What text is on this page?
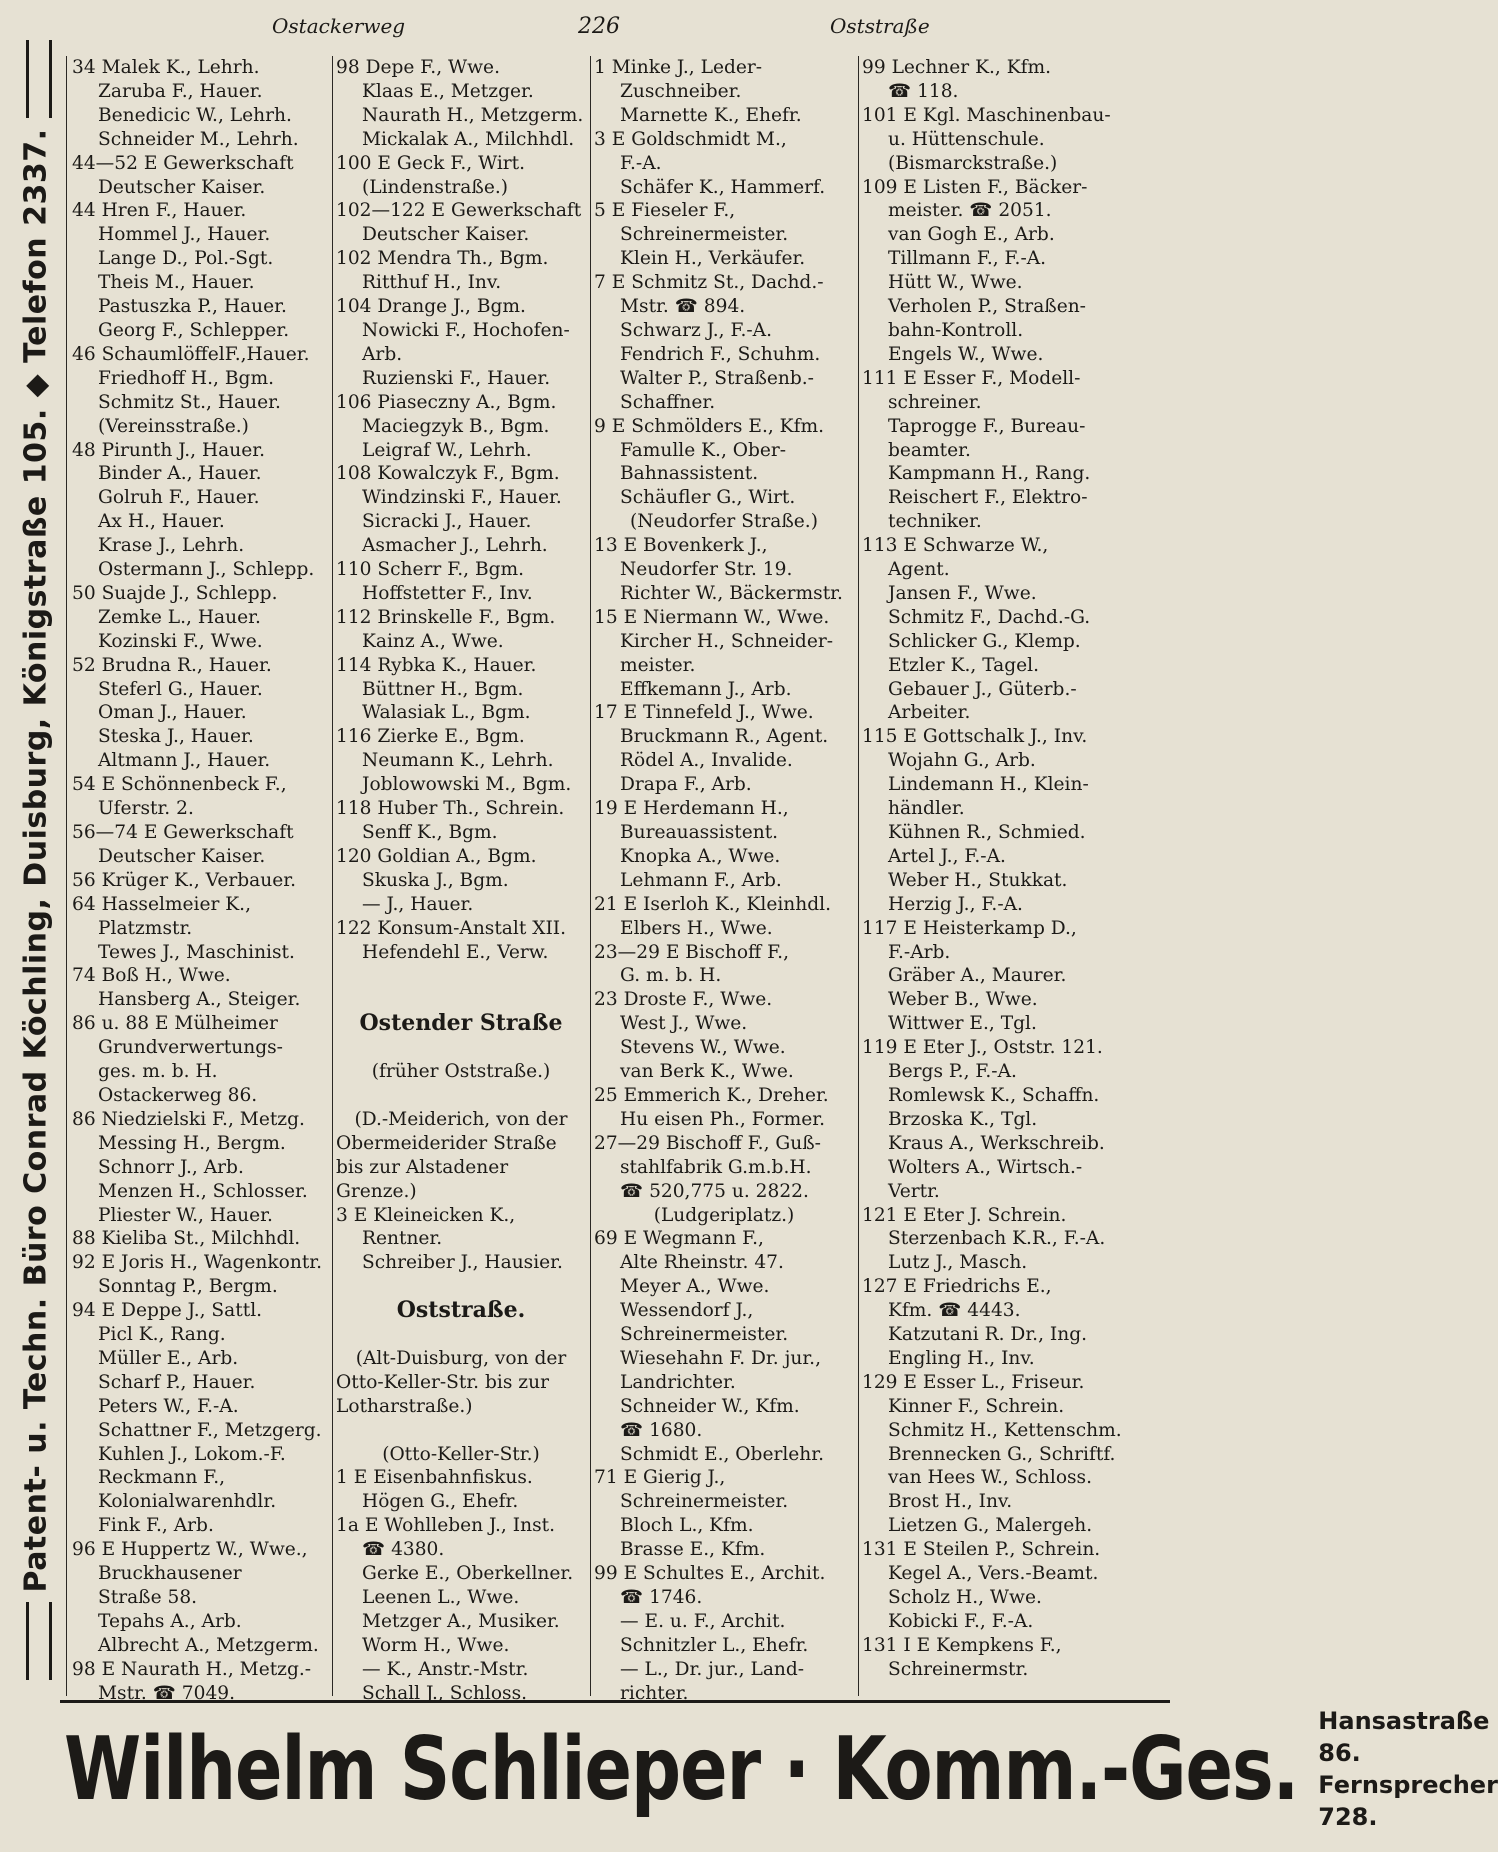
Patent- u. Techn. Büro Conrad Köchling, Duisburg, Königstraße 105. ◆ Telefon 2337.
Ostackerweg	226	Oststraße
34 Malek K., Lehrh.
Zaruba F., Hauer.
Benedicic W., Lehrh.
Schneider M., Lehrh.
44—52 E Gewerkschaft
Deutscher Kaiser.
44 Hren F., Hauer.
Hommel J., Hauer.
Lange D., Pol.-Sgt.
Theis M., Hauer.
Pastuszka P., Hauer.
Georg F., Schlepper.
46 SchaumlöffelF.,Hauer.
Friedhoff H., Bgm.
Schmitz St., Hauer.
(Vereinsstraße.)
48 Pirunth J., Hauer.
Binder A., Hauer.
Golruh F., Hauer.
Ax H., Hauer.
Krase J., Lehrh.
Ostermann J., Schlepp.
50 Suajde J., Schlepp.
Zemke L., Hauer.
Kozinski F., Wwe.
52 Brudna R., Hauer.
Steferl G., Hauer.
Oman J., Hauer.
Steska J., Hauer.
Altmann J., Hauer.
54 E Schönnenbeck F.,
Uferstr. 2.
56—74 E Gewerkschaft
Deutscher Kaiser.
56 Krüger K., Verbauer.
64 Hasselmeier K.,
Platzmstr.
Tewes J., Maschinist.
74 Boß H., Wwe.
Hansberg A., Steiger.
86 u. 88 E Mülheimer
Grundverwertungs-
ges. m. b. H.
Ostackerweg 86.
86 Niedzielski F., Metzg.
Messing H., Bergm.
Schnorr J., Arb.
Menzen H., Schlosser.
Pliester W., Hauer.
88 Kieliba St., Milchhdl.
92 E Joris H., Wagenkontr.
Sonntag P., Bergm.
94 E Deppe J., Sattl.
Picl K., Rang.
Müller E., Arb.
Scharf P., Hauer.
Peters W., F.-A.
Schattner F., Metzgerg.
Kuhlen J., Lokom.-F.
Reckmann F.,
Kolonialwarenhdlr.
Fink F., Arb.
96 E Huppertz W., Wwe.,
Bruckhausener
Straße 58.
Tepahs A., Arb.
Albrecht A., Metzgerm.
98 E Naurath H., Metzg.-
Mstr. ☎ 7049.
98 Depe F., Wwe.
Klaas E., Metzger.
Naurath H., Metzgerm.
Mickalak A., Milchhdl.
100 E Geck F., Wirt.
(Lindenstraße.)
102—122 E Gewerkschaft
Deutscher Kaiser.
102 Mendra Th., Bgm.
Ritthuf H., Inv.
104 Drange J., Bgm.
Nowicki F., Hochofen-
Arb.
Ruzienski F., Hauer.
106 Piaseczny A., Bgm.
Maciegzyk B., Bgm.
Leigraf W., Lehrh.
108 Kowalczyk F., Bgm.
Windzinski F., Hauer.
Sicracki J., Hauer.
Asmacher J., Lehrh.
110 Scherr F., Bgm.
Hoffstetter F., Inv.
112 Brinskelle F., Bgm.
Kainz A., Wwe.
114 Rybka K., Hauer.
Büttner H., Bgm.
Walasiak L., Bgm.
116 Zierke E., Bgm.
Neumann K., Lehrh.
Joblowowski M., Bgm.
118 Huber Th., Schrein.
Senff K., Bgm.
120 Goldian A., Bgm.
Skuska J., Bgm.
— J., Hauer.
122 Konsum-Anstalt XII.
Hefendehl E., Verw.

Ostender Straße

(früher Oststraße.)

(D.-Meiderich, von der
Obermeiderider Straße
bis zur Alstadener
Grenze.)
3 E Kleineicken K.,
Rentner.
Schreiber J., Hausier.

Oststraße.

(Alt-Duisburg, von der
Otto-Keller-Str. bis zur
Lotharstraße.)

(Otto-Keller-Str.)
1 E Eisenbahnfiskus.
Högen G., Ehefr.
1a E Wohlleben J., Inst.
☎ 4380.
Gerke E., Oberkellner.
Leenen L., Wwe.
Metzger A., Musiker.
Worm H., Wwe.
— K., Anstr.-Mstr.
Schall J., Schloss.
1 Minke J., Leder-
Zuschneiber.
Marnette K., Ehefr.
3 E Goldschmidt M.,
F.-A.
Schäfer K., Hammerf.
5 E Fieseler F.,
Schreinermeister.
Klein H., Verkäufer.
7 E Schmitz St., Dachd.-
Mstr. ☎ 894.
Schwarz J., F.-A.
Fendrich F., Schuhm.
Walter P., Straßenb.-
Schaffner.
9 E Schmölders E., Kfm.
Famulle K., Ober-
Bahnassistent.
Schäufler G., Wirt.
(Neudorfer Straße.)
13 E Bovenkerk J.,
Neudorfer Str. 19.
Richter W., Bäckermstr.
15 E Niermann W., Wwe.
Kircher H., Schneider-
meister.
Effkemann J., Arb.
17 E Tinnefeld J., Wwe.
Bruckmann R., Agent.
Rödel A., Invalide.
Drapa F., Arb.
19 E Herdemann H.,
Bureauassistent.
Knopka A., Wwe.
Lehmann F., Arb.
21 E Iserloh K., Kleinhdl.
Elbers H., Wwe.
23—29 E Bischoff F.,
G. m. b. H.
23 Droste F., Wwe.
West J., Wwe.
Stevens W., Wwe.
van Berk K., Wwe.
25 Emmerich K., Dreher.
Hu eisen Ph., Former.
27—29 Bischoff F., Guß-
stahlfabrik G.m.b.H.
☎ 520,775 u. 2822.
(Ludgeriplatz.)
69 E Wegmann F.,
Alte Rheinstr. 47.
Meyer A., Wwe.
Wessendorf J.,
Schreinermeister.
Wiesehahn F. Dr. jur.,
Landrichter.
Schneider W., Kfm.
☎ 1680.
Schmidt E., Oberlehr.
71 E Gierig J.,
Schreinermeister.
Bloch L., Kfm.
Brasse E., Kfm.
99 E Schultes E., Archit.
☎ 1746.
— E. u. F., Archit.
Schnitzler L., Ehefr.
— L., Dr. jur., Land-
richter.
99 Lechner K., Kfm.
☎ 118.
101 E Kgl. Maschinenbau-
u. Hüttenschule.
(Bismarckstraße.)
109 E Listen F., Bäcker-
meister. ☎ 2051.
van Gogh E., Arb.
Tillmann F., F.-A.
Hütt W., Wwe.
Verholen P., Straßen-
bahn-Kontroll.
Engels W., Wwe.
111 E Esser F., Modell-
schreiner.
Taprogge F., Bureau-
beamter.
Kampmann H., Rang.
Reischert F., Elektro-
techniker.
113 E Schwarze W.,
Agent.
Jansen F., Wwe.
Schmitz F., Dachd.-G.
Schlicker G., Klemp.
Etzler K., Tagel.
Gebauer J., Güterb.-
Arbeiter.
115 E Gottschalk J., Inv.
Wojahn G., Arb.
Lindemann H., Klein-
händler.
Kühnen R., Schmied.
Artel J., F.-A.
Weber H., Stukkat.
Herzig J., F.-A.
117 E Heisterkamp D.,
F.-Arb.
Gräber A., Maurer.
Weber B., Wwe.
Wittwer E., Tgl.
119 E Eter J., Oststr. 121.
Bergs P., F.-A.
Romlewsk K., Schaffn.
Brzoska K., Tgl.
Kraus A., Werkschreib.
Wolters A., Wirtsch.-
Vertr.
121 E Eter J. Schrein.
Sterzenbach K.R., F.-A.
Lutz J., Masch.
127 E Friedrichs E.,
Kfm. ☎ 4443.
Katzutani R. Dr., Ing.
Engling H., Inv.
129 E Esser L., Friseur.
Kinner F., Schrein.
Schmitz H., Kettenschm.
Brennecken G., Schriftf.
van Hees W., Schloss.
Brost H., Inv.
Lietzen G., Malergeh.
131 E Steilen P., Schrein.
Kegel A., Vers.-Beamt.
Scholz H., Wwe.
Kobicki F., F.-A.
131 I E Kempkens F.,
Schreinermstr.
Wilhelm Schlieper · Komm.-Ges. Hansastraße 86.
Fernsprecher 728.
